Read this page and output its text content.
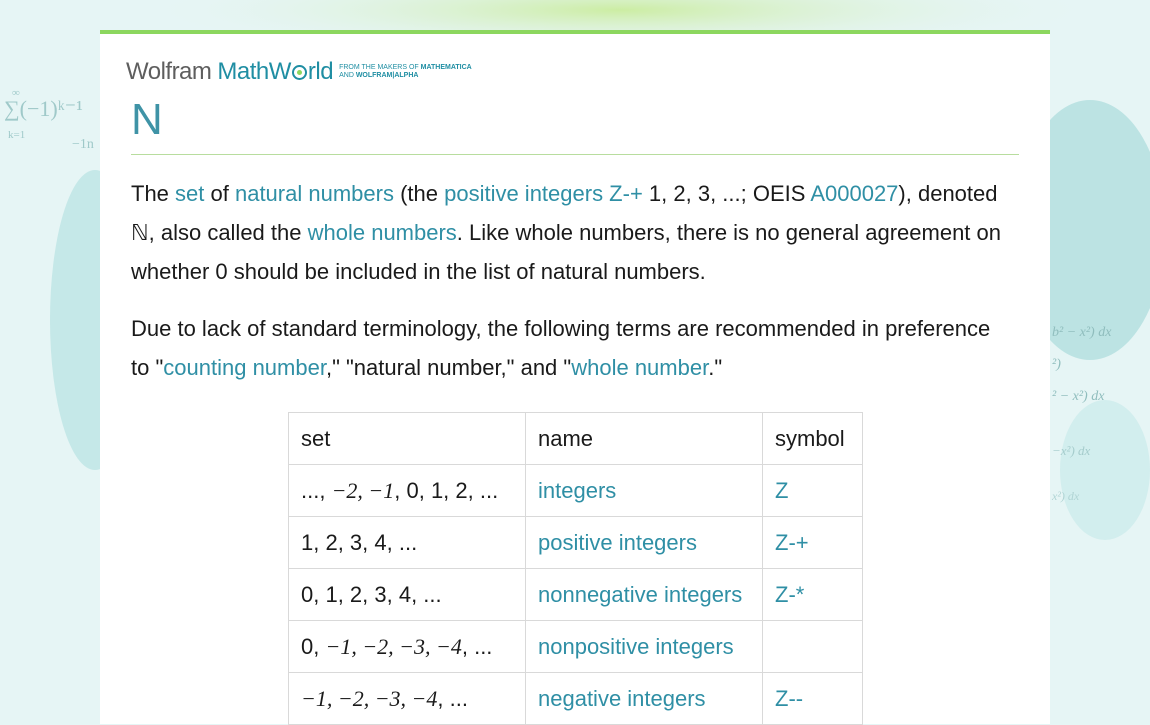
∑(−1)ᵏ⁻¹
k=1
∞
−1n
b² − x²) dx
²)
² − x²) dx
−x²) dx
x²) dx
Wolfram MathW rld FROM THE MAKERS OF MATHEMATICA
AND WOLFRAM|ALPHA
N

The set of natural numbers (the positive integers Z-+ 1, 2, 3, ...; OEIS A000027), denoted ℕ, also called the whole numbers. Like whole numbers, there is no general agreement on whether 0 should be included in the list of natural numbers.

Due to lack of standard terminology, the following terms are recommended in preference to "counting number," "natural number," and "whole number."

set	name	symbol
..., −2, −1, 0, 1, 2, ...	integers	Z
1, 2, 3, 4, ...	positive integers	Z-+
0, 1, 2, 3, 4, ...	nonnegative integers	Z-*
0, −1, −2, −3, −4, ...	nonpositive integers	
−1, −2, −3, −4, ...	negative integers	Z--
